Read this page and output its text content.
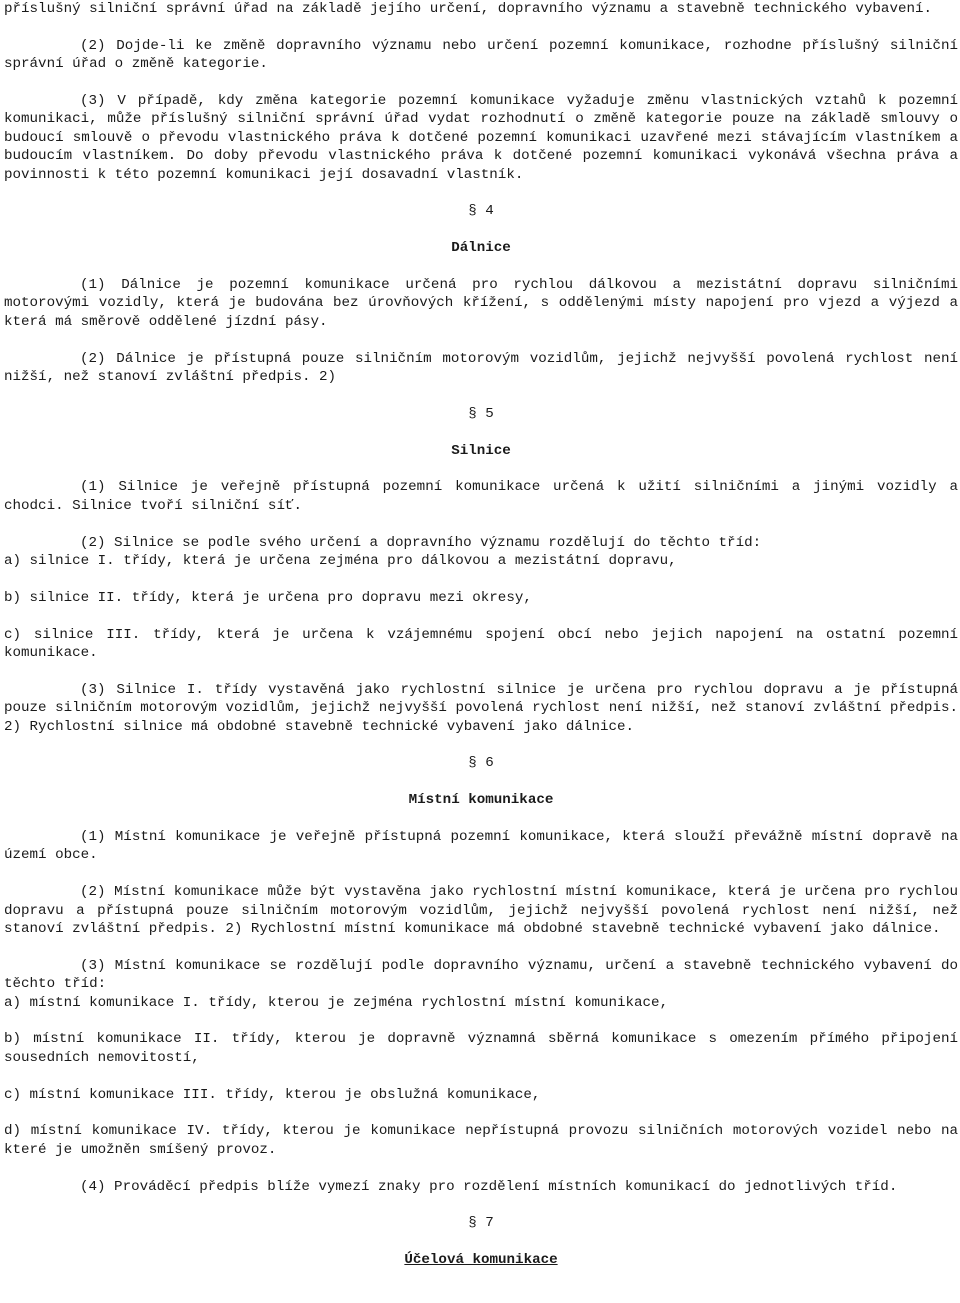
příslušný silniční správní úřad na základě jejího určení, dopravního významu a stavebně technického vybavení.

(2) Dojde-li ke změně dopravního významu nebo určení pozemní komunikace, rozhodne příslušný silniční správní úřad o změně kategorie.

(3) V případě, kdy změna kategorie pozemní komunikace vyžaduje změnu vlastnických vztahů k pozemní komunikaci, může příslušný silniční správní úřad vydat rozhodnutí o změně kategorie pouze na základě smlouvy o budoucí smlouvě o převodu vlastnického práva k dotčené pozemní komunikaci uzavřené mezi stávajícím vlastníkem a budoucím vlastníkem. Do doby převodu vlastnického práva k dotčené pozemní komunikaci vykonává všechna práva a povinnosti k této pozemní komunikaci její dosavadní vlastník.

§ 4

Dálnice

(1) Dálnice je pozemní komunikace určená pro rychlou dálkovou a mezistátní dopravu silničními motorovými vozidly, která je budována bez úrovňových křížení, s oddělenými místy napojení pro vjezd a výjezd a která má směrově oddělené jízdní pásy.

(2) Dálnice je přístupná pouze silničním motorovým vozidlům, jejichž nejvyšší povolená rychlost není nižší, než stanoví zvláštní předpis. 2)

§ 5

Silnice

(1) Silnice je veřejně přístupná pozemní komunikace určená k užití silničními a jinými vozidly a chodci. Silnice tvoří silniční síť.

(2) Silnice se podle svého určení a dopravního významu rozdělují do těchto tříd:

a) silnice I. třídy, která je určena zejména pro dálkovou a mezistátní dopravu,

b) silnice II. třídy, která je určena pro dopravu mezi okresy,

c) silnice III. třídy, která je určena k vzájemnému spojení obcí nebo jejich napojení na ostatní pozemní komunikace.

(3) Silnice I. třídy vystavěná jako rychlostní silnice je určena pro rychlou dopravu a je přístupná pouze silničním motorovým vozidlům, jejichž nejvyšší povolená rychlost není nižší, než stanoví zvláštní předpis. 2) Rychlostní silnice má obdobné stavebně technické vybavení jako dálnice.

§ 6

Místní komunikace

(1) Místní komunikace je veřejně přístupná pozemní komunikace, která slouží převážně místní dopravě na území obce.

(2) Místní komunikace může být vystavěna jako rychlostní místní komunikace, která je určena pro rychlou dopravu a přístupná pouze silničním motorovým vozidlům, jejichž nejvyšší povolená rychlost není nižší, než stanoví zvláštní předpis. 2) Rychlostní místní komunikace má obdobné stavebně technické vybavení jako dálnice.

(3) Místní komunikace se rozdělují podle dopravního významu, určení a stavebně technického vybavení do těchto tříd:

a) místní komunikace I. třídy, kterou je zejména rychlostní místní komunikace,

b) místní komunikace II. třídy, kterou je dopravně významná sběrná komunikace s omezením přímého připojení sousedních nemovitostí,

c) místní komunikace III. třídy, kterou je obslužná komunikace,

d) místní komunikace IV. třídy, kterou je komunikace nepřístupná provozu silničních motorových vozidel nebo na které je umožněn smíšený provoz.

(4) Prováděcí předpis blíže vymezí znaky pro rozdělení místních komunikací do jednotlivých tříd.

§ 7

Účelová komunikace
